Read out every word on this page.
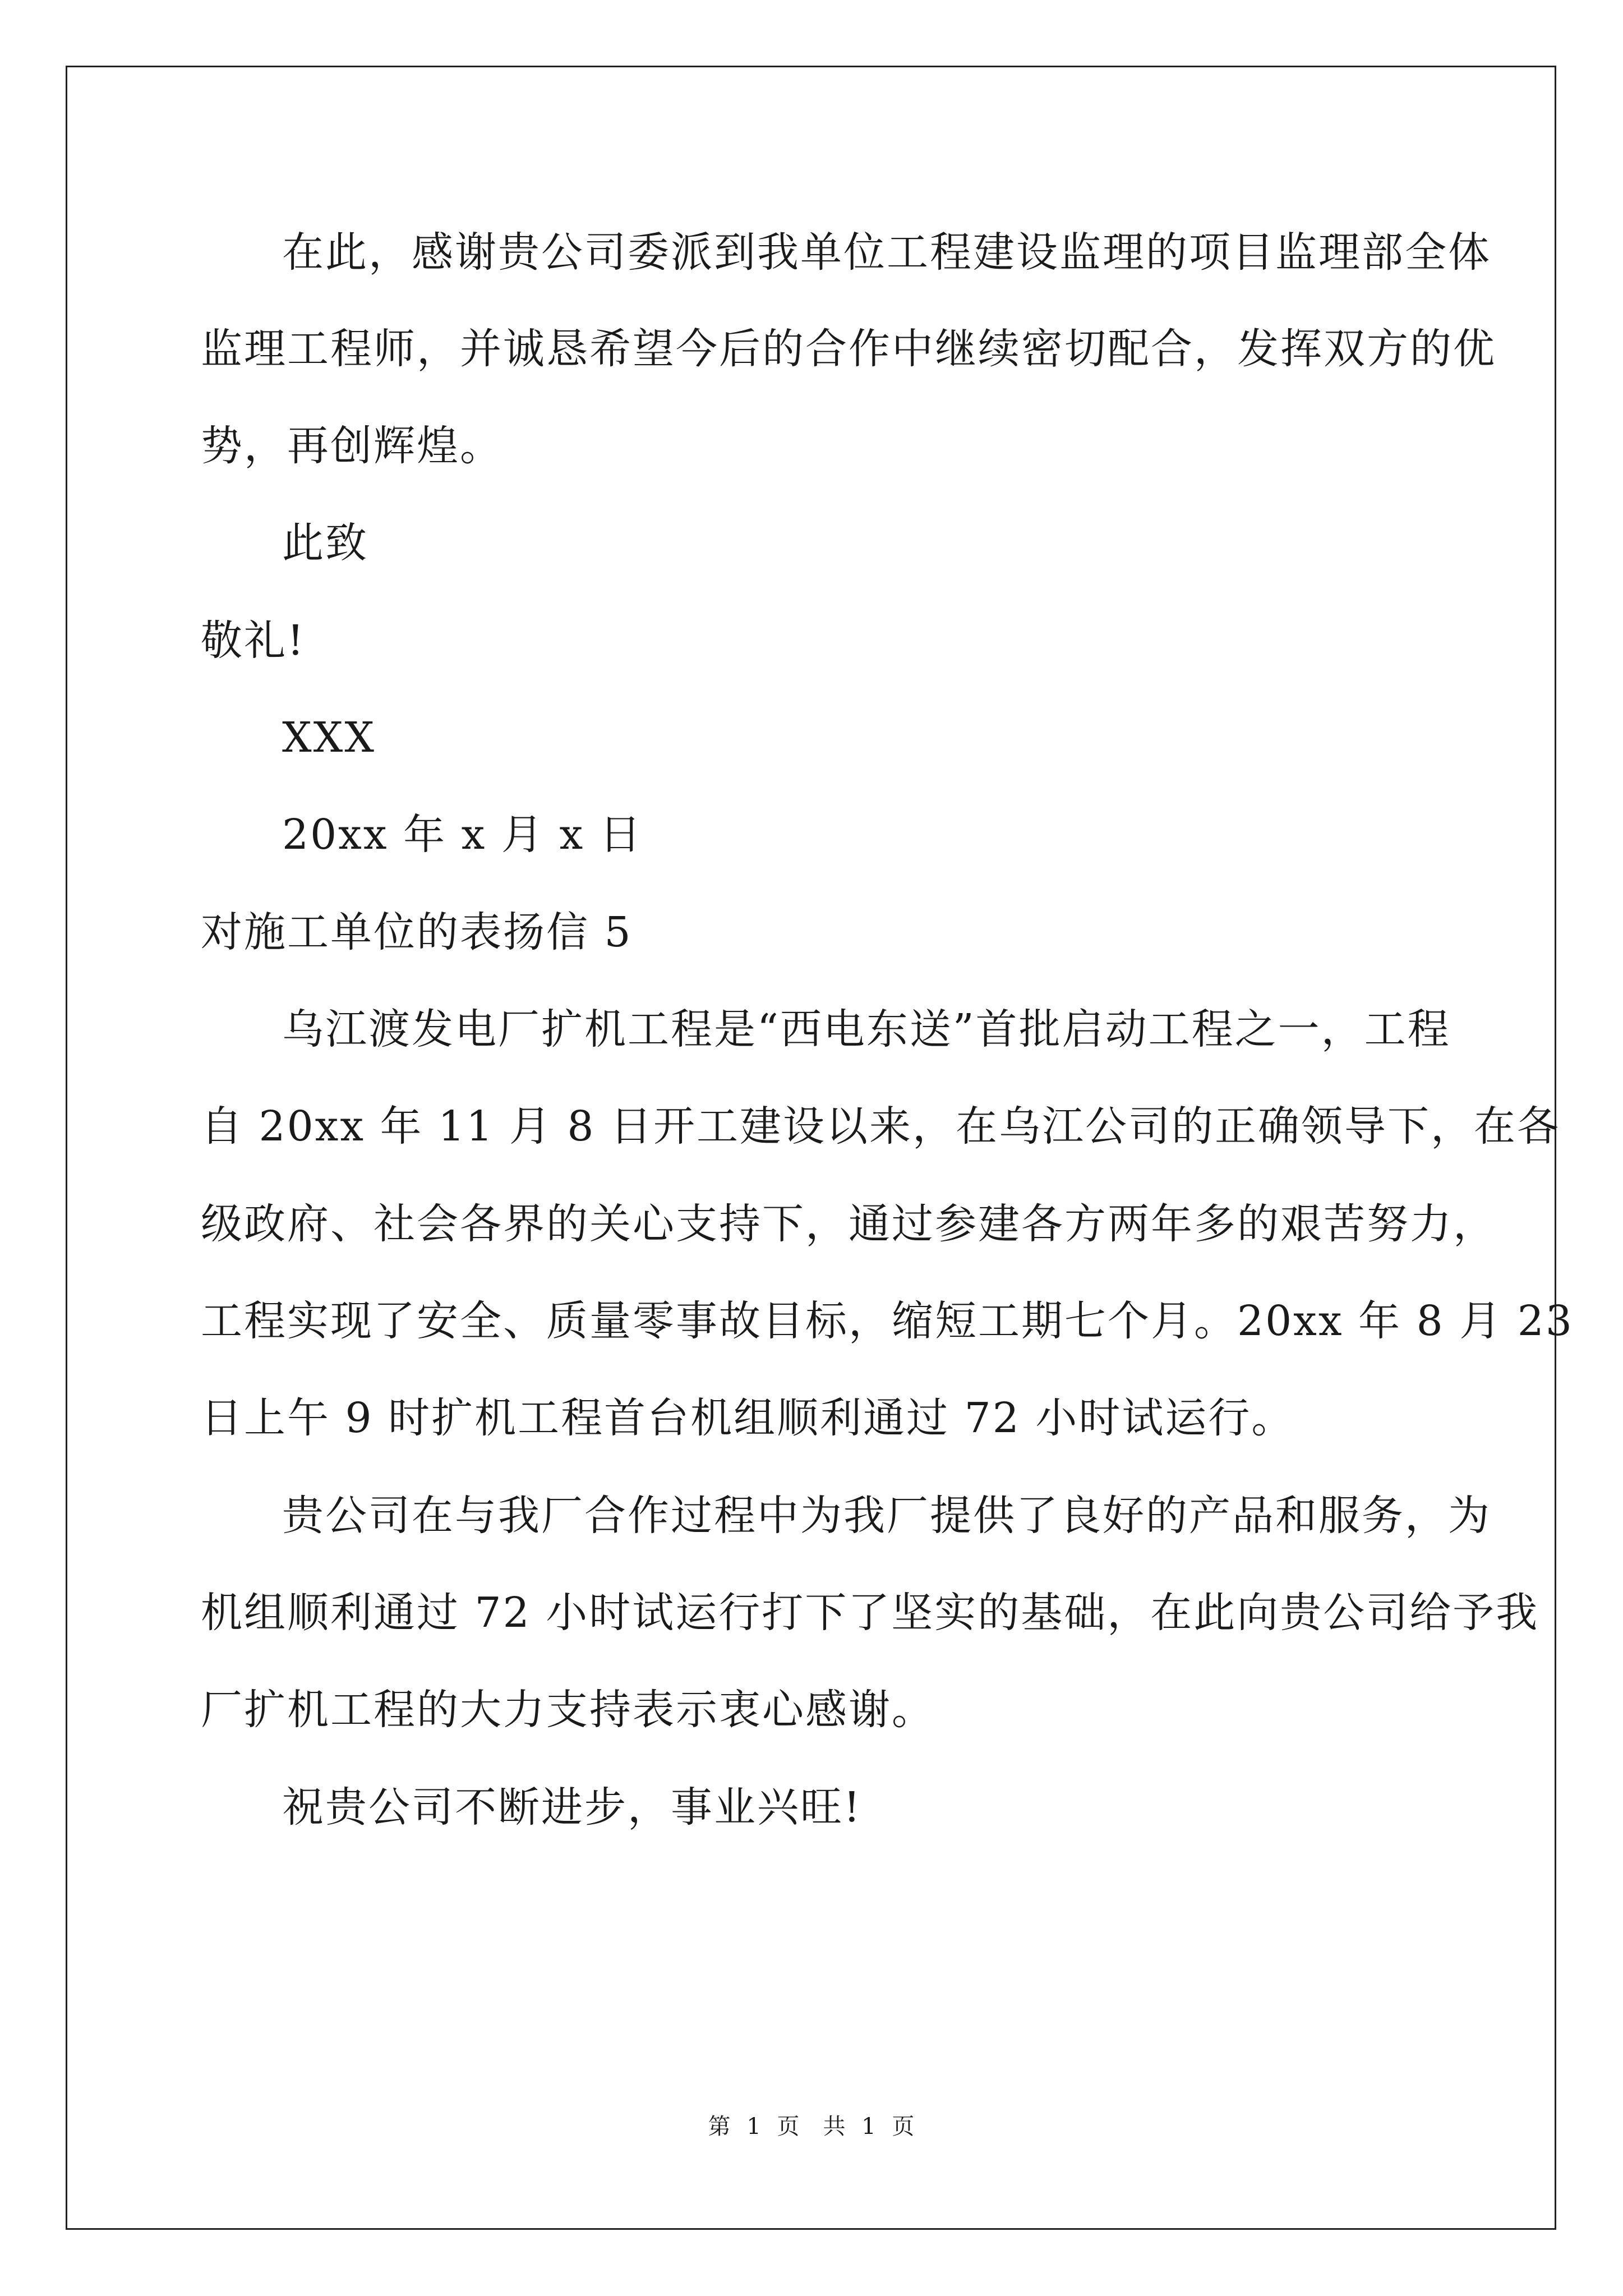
在此，感谢贵公司委派到我单位工程建设监理的项目监理部全体
监理工程师，并诚恳希望今后的合作中继续密切配合，发挥双方的优
势，再创辉煌。
此致
敬礼!
XXX
20xx 年 x 月 x 日
对施工单位的表扬信 5
乌江渡发电厂扩机工程是“西电东送”首批启动工程之一，工程
自 20xx 年 11 月 8 日开工建设以来，在乌江公司的正确领导下，在各
级政府、社会各界的关心支持下，通过参建各方两年多的艰苦努力，
工程实现了安全、质量零事故目标，缩短工期七个月。20xx 年 8 月 23
日上午 9 时扩机工程首台机组顺利通过 72 小时试运行。
贵公司在与我厂合作过程中为我厂提供了良好的产品和服务，为
机组顺利通过 72 小时试运行打下了坚实的基础，在此向贵公司给予我
厂扩机工程的大力支持表示衷心感谢。
祝贵公司不断进步，事业兴旺!
第 1 页　共 1 页
